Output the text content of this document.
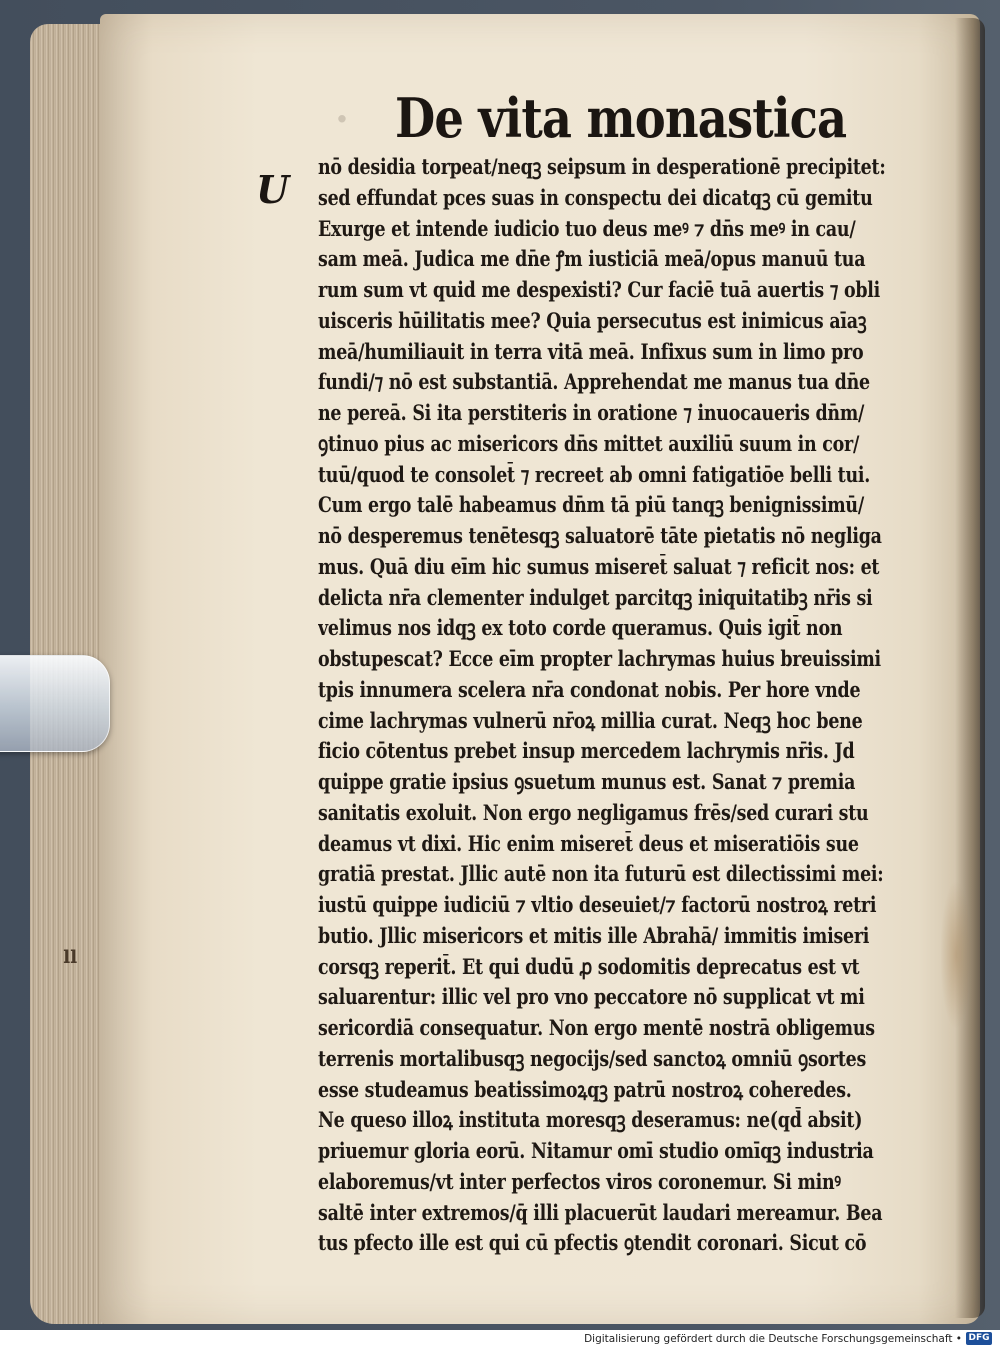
ıı
· De vita monastica
U
nō desidia torpeat/neqꝫ seipsum in desperationē precipitet:
sed effundat pces suas in conspectu dei dicatqꝫ cū gemitu
Exurge et intende iudicio tuo deus meꝰ ⁊ dn̄s meꝰ in cau/
sam meā. Judica me dn̄e ꝭm iusticiā meā/opus manuū tua
rum sum vt quid me despexisti? Cur faciē tuā auertis ⁊ obli
uisceris hūilitatis mee? Quia persecutus est inimicus aīaꝫ
meā/humiliauit in terra vitā meā. Infixus sum in limo pro
fundi/⁊ nō est substantiā. Apprehendat me manus tua dn̄e
ne pereā. Si ita perstiteris in oratione ⁊ inuocaueris dn̄m/
ꝯtinuo pius ac misericors dn̄s mittet auxiliū suum in cor/
tuū/quod te consolet̄ ⁊ recreet ab omni fatigatiōe belli tui.
Cum ergo talē habeamus dn̄m tā piū tanqꝫ benignissimū/
nō desperemus tenētesqꝫ saluatorē tāte pietatis nō negliga
mus. Quā diu eīm hic sumus miseret̄ saluat ⁊ reficit nos: et
delicta nr̄a clementer indulget parcitqꝫ iniquitatibꝫ nr̄is si
velimus nos idqꝫ ex toto corde queramus. Quis igit̄ non
obstupescat? Ecce eīm propter lachrymas huius breuissimi
tpis innumera scelera nr̄a condonat nobis. Per hore vnde
cime lachrymas vulnerū nr̄oꝝ millia curat. Neqꝫ hoc bene
ficio cōtentus prebet insup mercedem lachrymis nr̄is. Jd
quippe gratie ipsius ꝯsuetum munus est. Sanat ⁊ premia
sanitatis exoluit. Non ergo negligamus frēs/sed curari stu
deamus vt dixi. Hic enim miseret̄ deus et miseratiōis sue
gratiā prestat. Jllic autē non ita futurū est dilectissimi mei:
iustū quippe iudiciū ⁊ vltio deseuiet/⁊ factorū nostroꝝ retri
butio. Jllic misericors et mitis ille Abrahā/ immitis imiseri
corsqꝫ reperit̄. Et qui dudū ꝓ sodomitis deprecatus est vt
saluarentur: illic vel pro vno peccatore nō supplicat vt mi
sericordiā consequatur. Non ergo mentē nostrā obligemus
terrenis mortalibusqꝫ negocijs/sed sanctoꝝ omniū ꝯsortes
esse studeamus beatissimoꝝqꝫ patrū nostroꝝ coheredes.
Ne queso illoꝝ instituta moresqꝫ deseramus: ne(qd̄ absit)
priuemur gloria eorū. Nitamur omī studio omīqꝫ industria
elaboremus/vt inter perfectos viros coronemur. Si minꝰ
saltē inter extremos/q̄ illi placuerūt laudari mereamur. Bea
tus pfecto ille est qui cū pfectis ꝯtendit coronari. Sicut cō
Digitalisierung gefördert durch die Deutsche Forschungsgemeinschaft • DFG
